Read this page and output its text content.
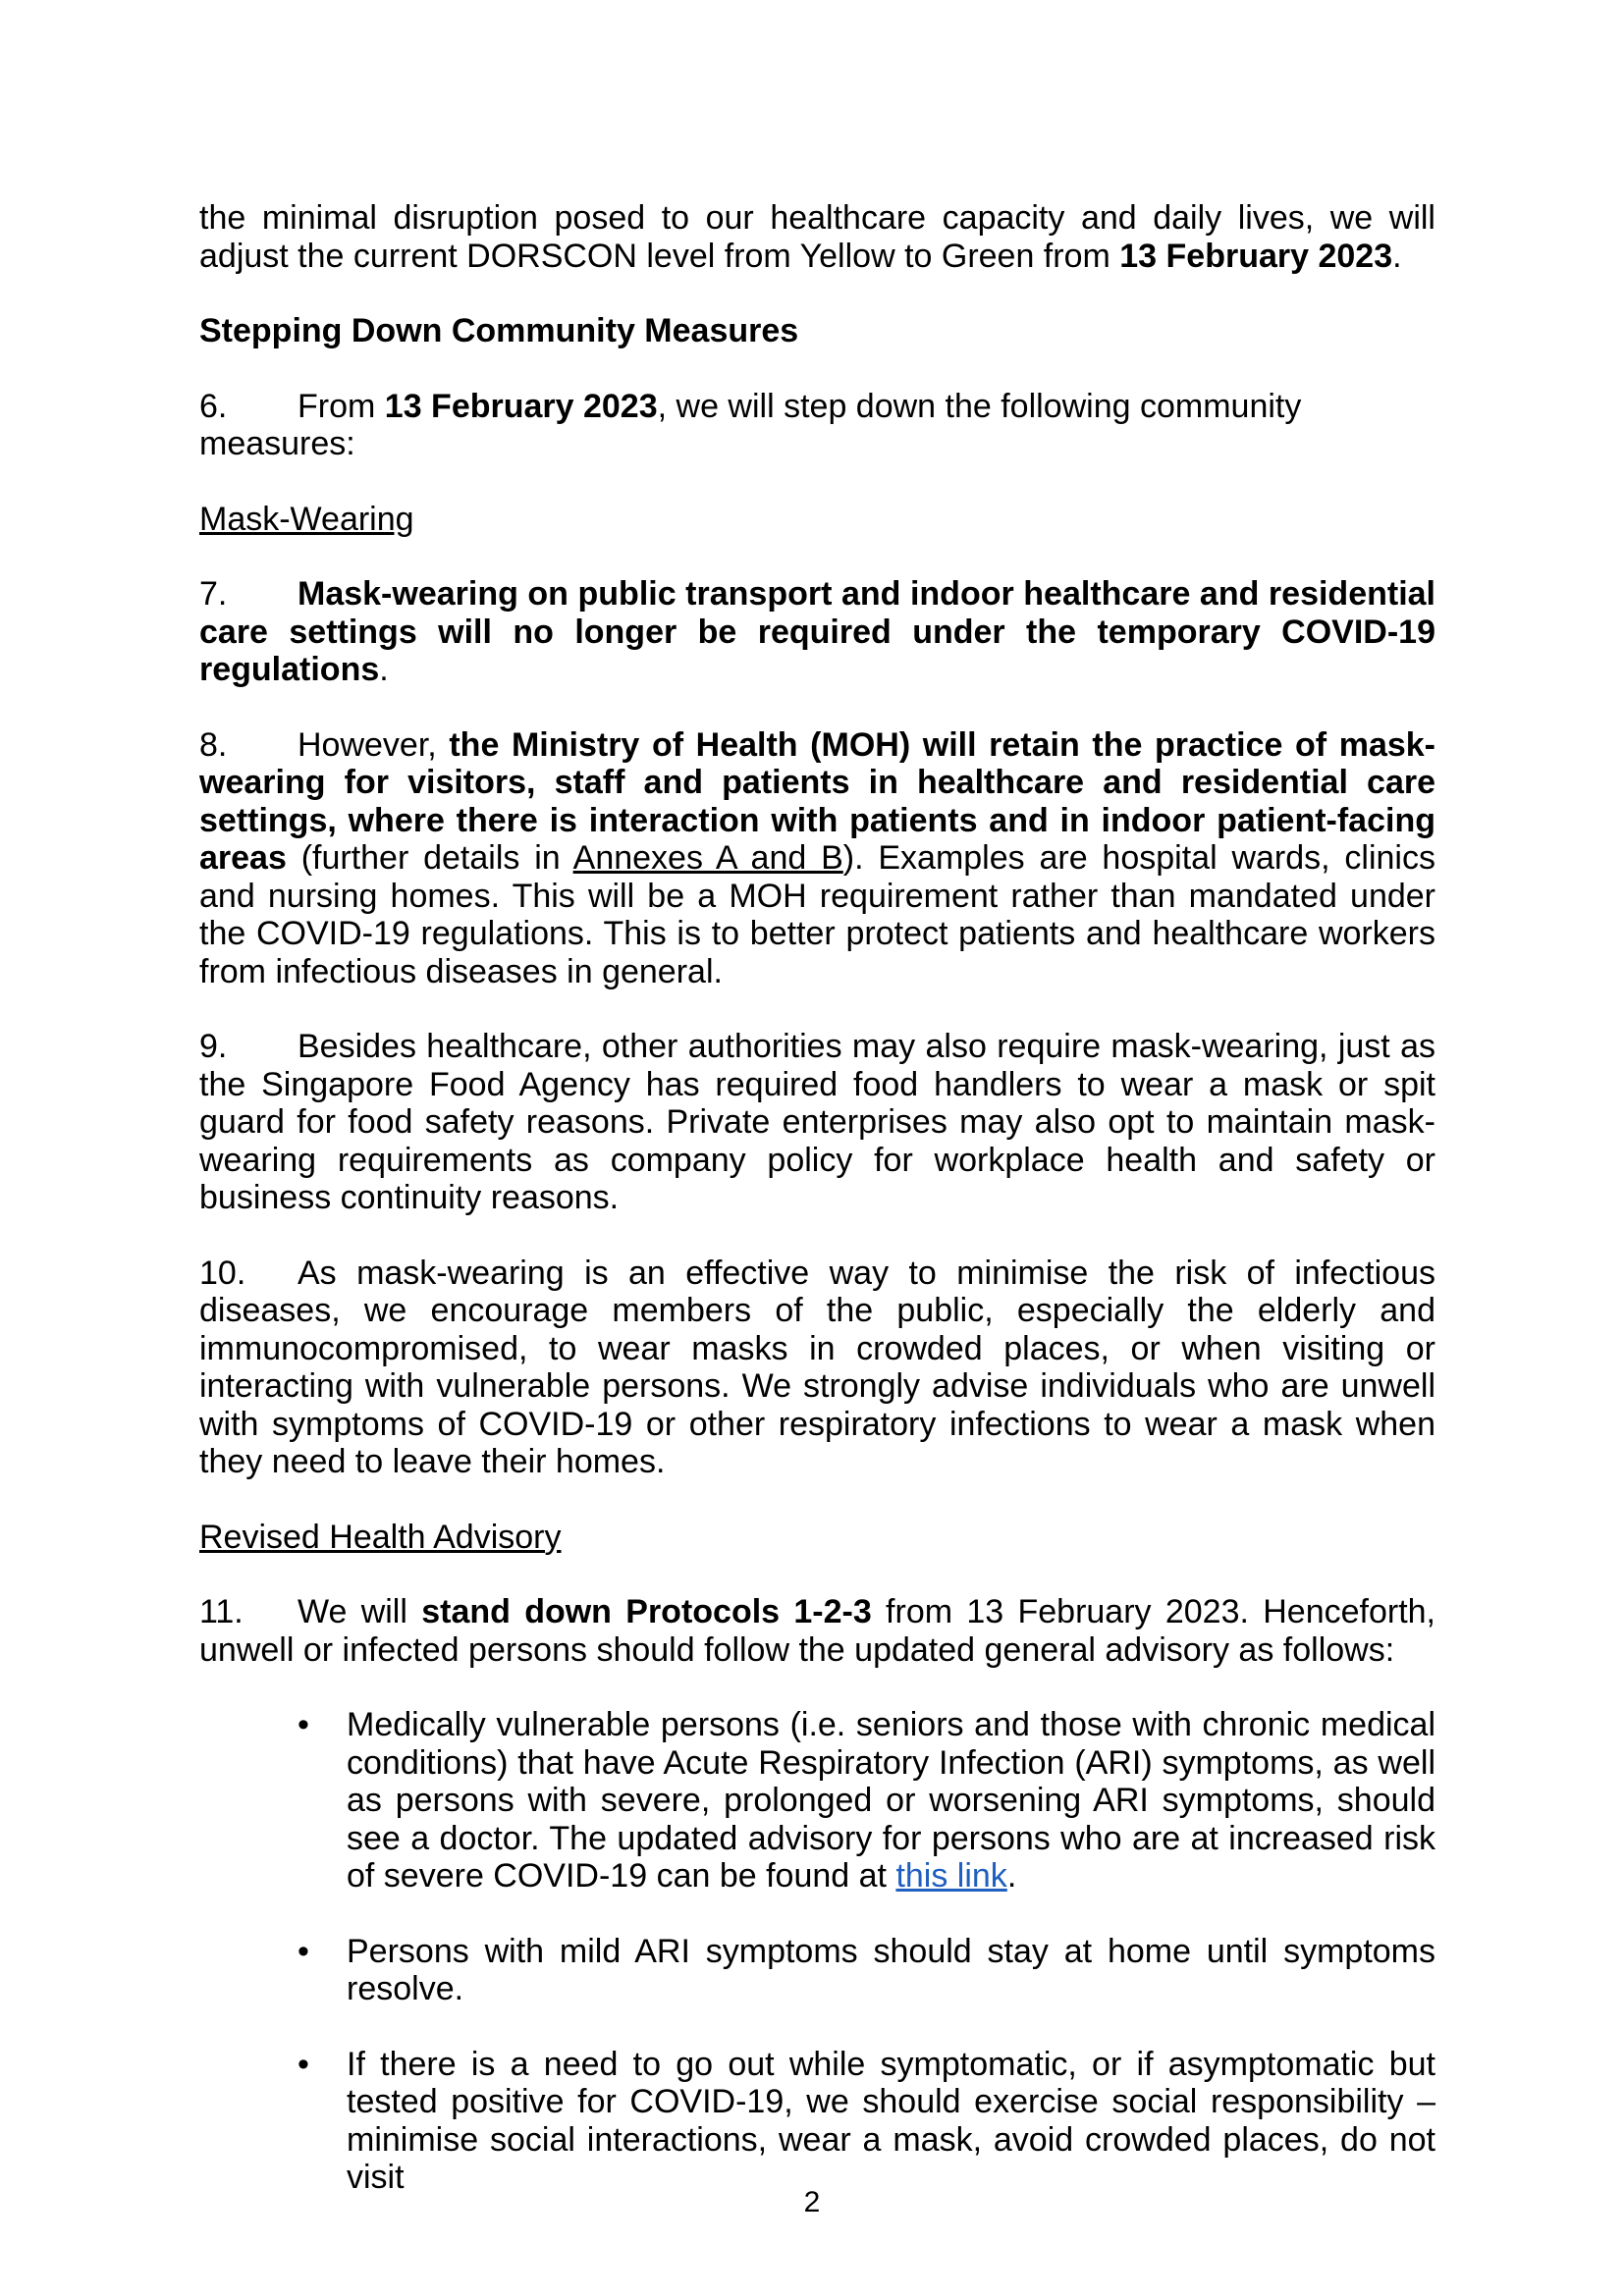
the minimal disruption posed to our healthcare capacity and daily lives, we will adjust the current DORSCON level from Yellow to Green from 13 February 2023.

Stepping Down Community Measures

6. From 13 February 2023, we will step down the following community measures:

Mask-Wearing

7. Mask-wearing on public transport and indoor healthcare and residential care settings will no longer be required under the temporary COVID-19 regulations.

8. However, the Ministry of Health (MOH) will retain the practice of mask-wearing for visitors, staff and patients in healthcare and residential care settings, where there is interaction with patients and in indoor patient-facing areas (further details in Annexes A and B). Examples are hospital wards, clinics and nursing homes. This will be a MOH requirement rather than mandated under the COVID-19 regulations. This is to better protect patients and healthcare workers from infectious diseases in general.

9. Besides healthcare, other authorities may also require mask-wearing, just as the Singapore Food Agency has required food handlers to wear a mask or spit guard for food safety reasons. Private enterprises may also opt to maintain mask-wearing requirements as company policy for workplace health and safety or business continuity reasons.

10. As mask-wearing is an effective way to minimise the risk of infectious diseases, we encourage members of the public, especially the elderly and immunocompromised, to wear masks in crowded places, or when visiting or interacting with vulnerable persons. We strongly advise individuals who are unwell with symptoms of COVID-19 or other respiratory infections to wear a mask when they need to leave their homes.

Revised Health Advisory

11. We will stand down Protocols 1-2-3 from 13 February 2023. Henceforth, unwell or infected persons should follow the updated general advisory as follows:

• Medically vulnerable persons (i.e. seniors and those with chronic medical conditions) that have Acute Respiratory Infection (ARI) symptoms, as well as persons with severe, prolonged or worsening ARI symptoms, should see a doctor. The updated advisory for persons who are at increased risk of severe COVID-19 can be found at this link.
• Persons with mild ARI symptoms should stay at home until symptoms resolve.
• If there is a need to go out while symptomatic, or if asymptomatic but tested positive for COVID-19, we should exercise social responsibility – minimise social interactions, wear a mask, avoid crowded places, do not visit
2
